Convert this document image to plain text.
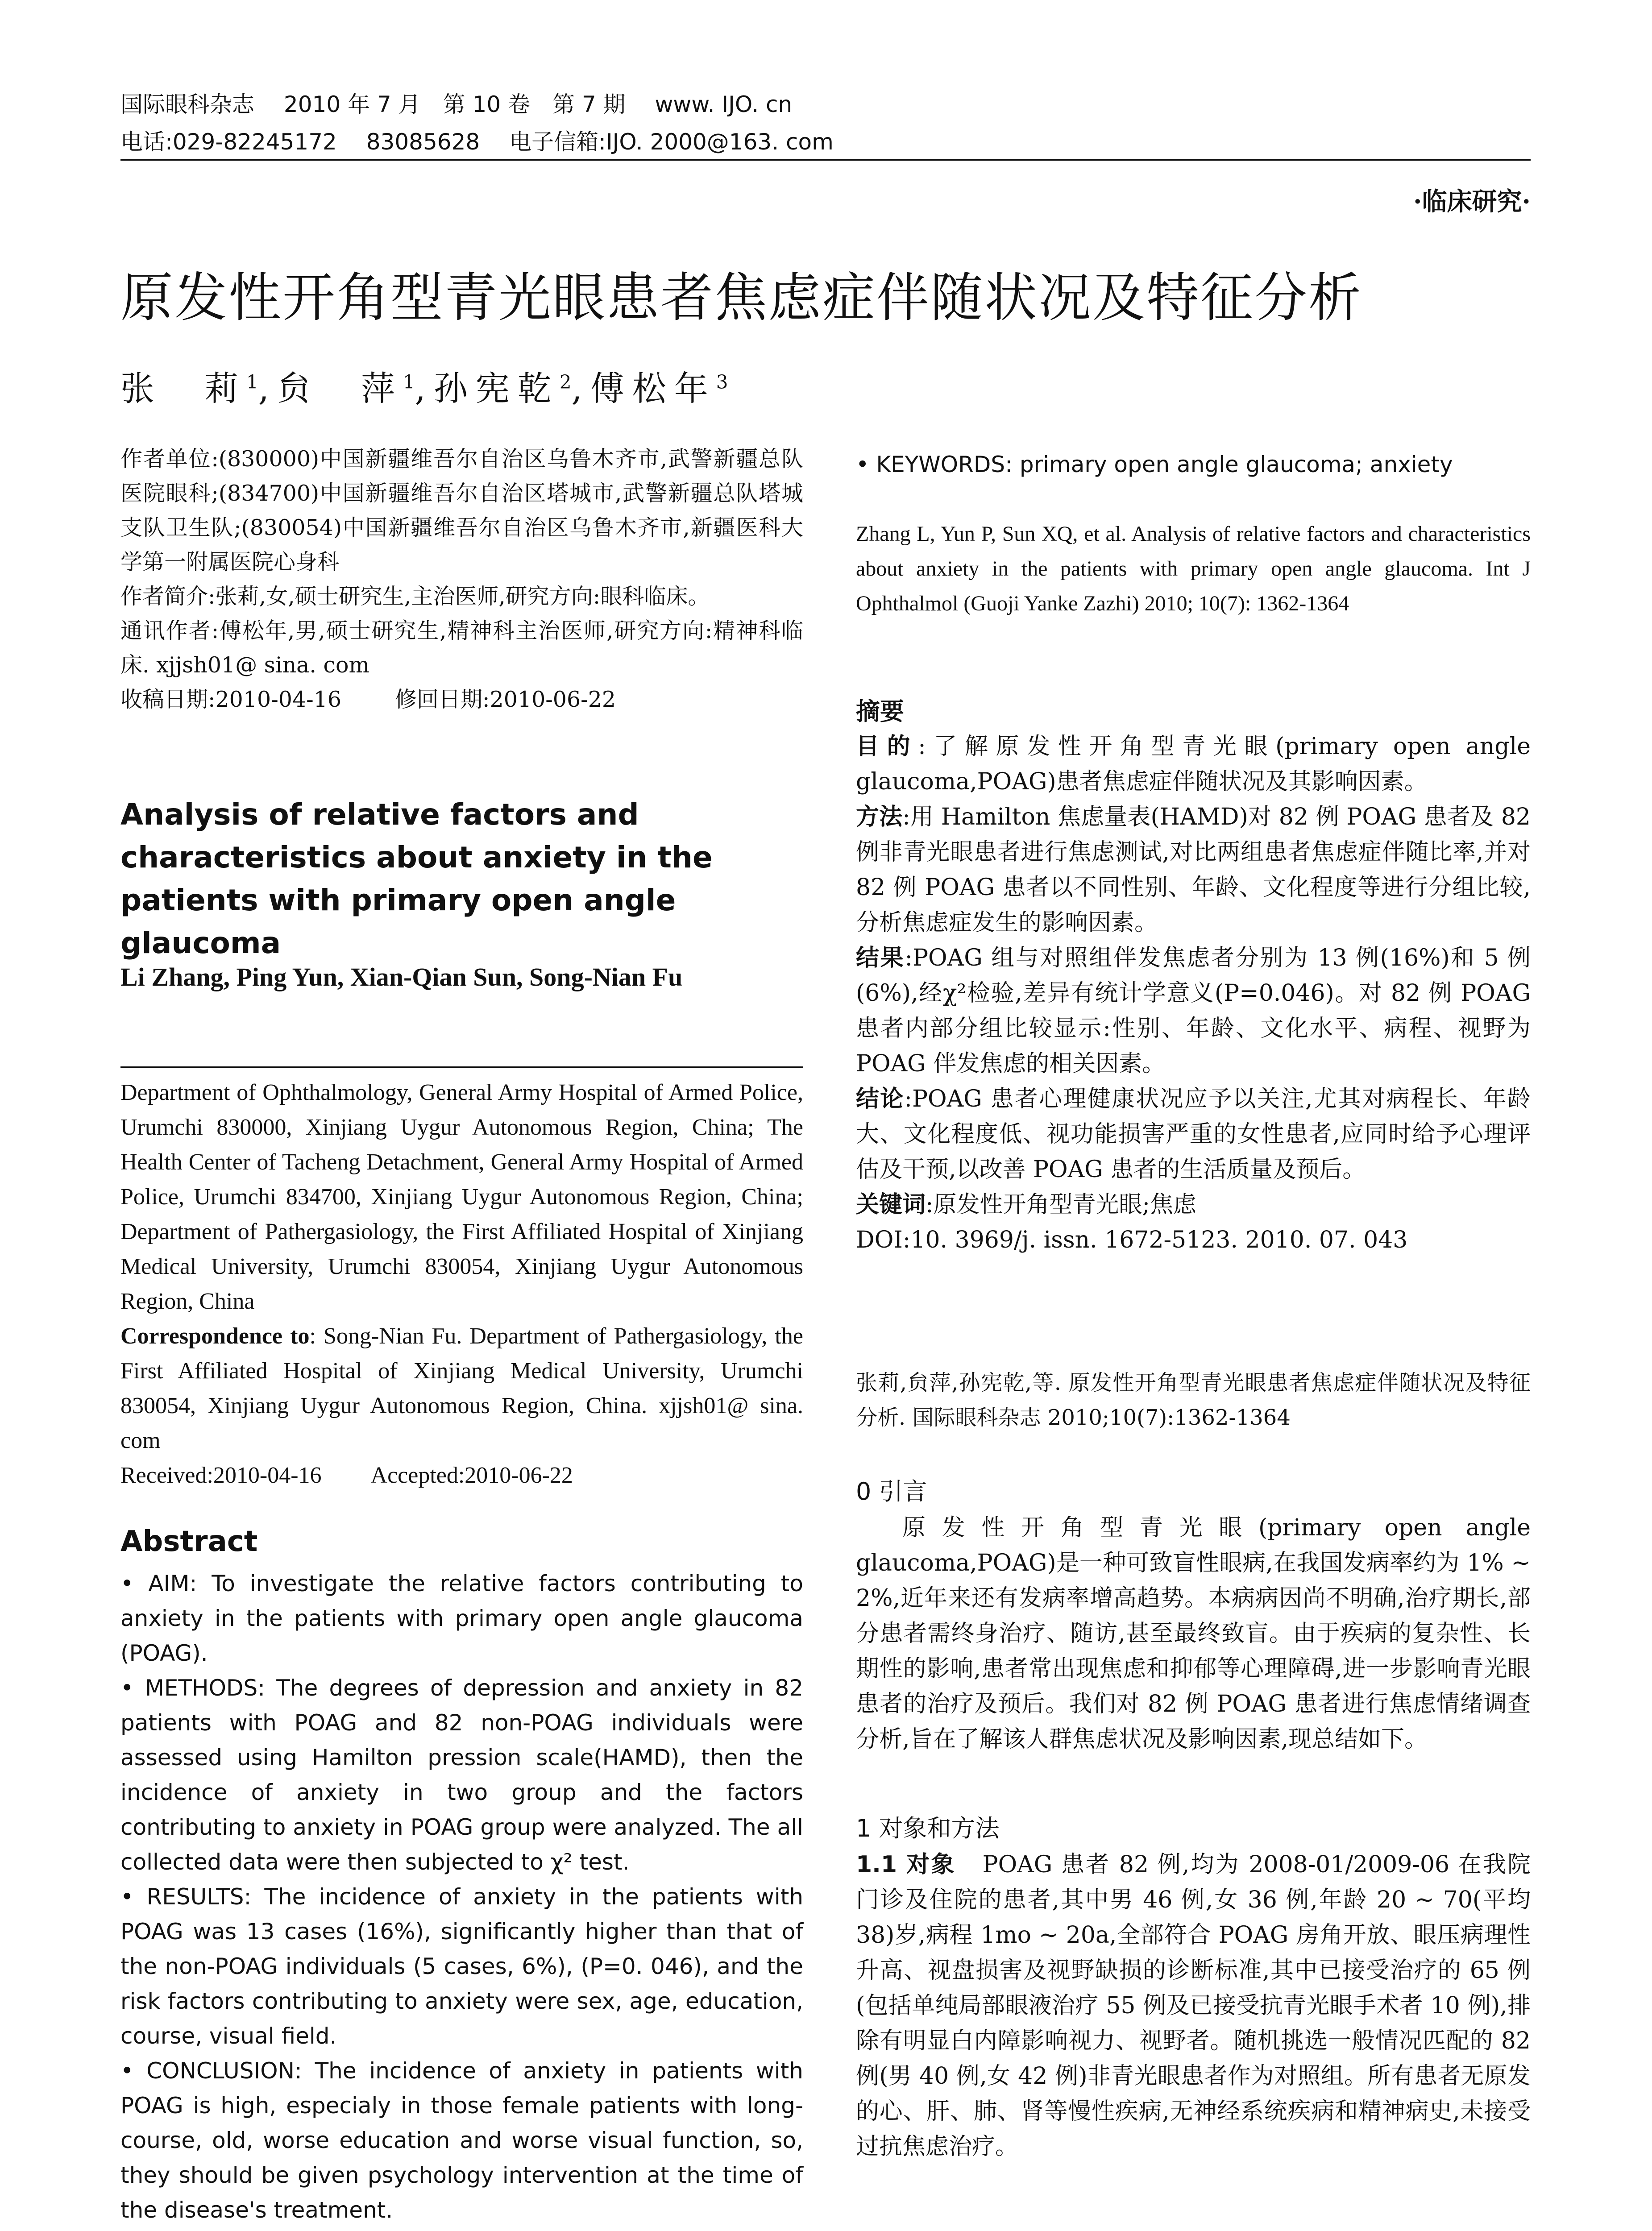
国际眼科杂志　 2010 年 7 月　第 10 卷　第 7 期　 www. IJO. cn
电话:029-82245172　 83085628　 电子信箱:IJO. 2000@163. com
·临床研究·
原发性开角型青光眼患者焦虑症伴随状况及特征分析
张　莉$^1$,贠　萍$^1$,孙宪乾$^2$,傅松年$^3$

作者单位:(830000)中国新疆维吾尔自治区乌鲁木齐市,武警新疆总队医院眼科;(834700)中国新疆维吾尔自治区塔城市,武警新疆总队塔城支队卫生队;(830054)中国新疆维吾尔自治区乌鲁木齐市,新疆医科大学第一附属医院心身科

作者简介:张莉,女,硕士研究生,主治医师,研究方向:眼科临床。

通讯作者:傅松年,男,硕士研究生,精神科主治医师,研究方向:精神科临床. xjjsh01@ sina. com

收稿日期:2010-04-16 修回日期:2010-06-22

Analysis of relative factors and characteristics about anxiety in the patients with primary open angle glaucoma
Li Zhang, Ping Yun, Xian-Qian Sun, Song-Nian Fu

Department of Ophthalmology, General Army Hospital of Armed Police, Urumchi 830000, Xinjiang Uygur Autonomous Region, China; The Health Center of Tacheng Detachment, General Army Hospital of Armed Police, Urumchi 834700, Xinjiang Uygur Autonomous Region, China; Department of Pathergasiology, the First Affiliated Hospital of Xinjiang Medical University, Urumchi 830054, Xinjiang Uygur Autonomous Region, China

Correspondence to: Song-Nian Fu. Department of Pathergasiology, the First Affiliated Hospital of Xinjiang Medical University, Urumchi 830054, Xinjiang Uygur Autonomous Region, China. xjjsh01@ sina. com

Received:2010-04-16 Accepted:2010-06-22

Abstract

• AIM: To investigate the relative factors contributing to anxiety in the patients with primary open angle glaucoma (POAG).

• METHODS: The degrees of depression and anxiety in 82 patients with POAG and 82 non-POAG individuals were assessed using Hamilton pression scale(HAMD), then the incidence of anxiety in two group and the factors contributing to anxiety in POAG group were analyzed. The all collected data were then subjected to χ² test.

• RESULTS: The incidence of anxiety in the patients with POAG was 13 cases (16%), significantly higher than that of the non-POAG individuals (5 cases, 6%), (P=0. 046), and the risk factors contributing to anxiety were sex, age, education, course, visual field.

• CONCLUSION: The incidence of anxiety in patients with POAG is high, especialy in those female patients with long-course, old, worse education and worse visual function, so, they should be given psychology intervention at the time of the disease's treatment.

• KEYWORDS: primary open angle glaucoma; anxiety
Zhang L, Yun P, Sun XQ, et al. Analysis of relative factors and characteristics about anxiety in the patients with primary open angle glaucoma. Int J Ophthalmol (Guoji Yanke Zazhi) 2010; 10(7): 1362-1364

摘要

目的:了解原发性开角型青光眼(primary open angle glaucoma,POAG)患者焦虑症伴随状况及其影响因素。

方法:用 Hamilton 焦虑量表(HAMD)对 82 例 POAG 患者及 82 例非青光眼患者进行焦虑测试,对比两组患者焦虑症伴随比率,并对 82 例 POAG 患者以不同性别、年龄、文化程度等进行分组比较,分析焦虑症发生的影响因素。

结果:POAG 组与对照组伴发焦虑者分别为 13 例(16%)和 5 例(6%),经χ²检验,差异有统计学意义(P=0.046)。对 82 例 POAG 患者内部分组比较显示:性别、年龄、文化水平、病程、视野为 POAG 伴发焦虑的相关因素。

结论:POAG 患者心理健康状况应予以关注,尤其对病程长、年龄大、文化程度低、视功能损害严重的女性患者,应同时给予心理评估及干预,以改善 POAG 患者的生活质量及预后。

关键词:原发性开角型青光眼;焦虑

DOI:10. 3969/j. issn. 1672-5123. 2010. 07. 043

张莉,贠萍,孙宪乾,等. 原发性开角型青光眼患者焦虑症伴随状况及特征分析. 国际眼科杂志 2010;10(7):1362-1364
0 引言
原发性开角型青光眼(primary open angle glaucoma,POAG)是一种可致盲性眼病,在我国发病率约为 1% ~ 2%,近年来还有发病率增高趋势。本病病因尚不明确,治疗期长,部分患者需终身治疗、随访,甚至最终致盲。由于疾病的复杂性、长期性的影响,患者常出现焦虑和抑郁等心理障碍,进一步影响青光眼患者的治疗及预后。我们对 82 例 POAG 患者进行焦虑情绪调查分析,旨在了解该人群焦虑状况及影响因素,现总结如下。
1 对象和方法

1.1 对象 POAG 患者 82 例,均为 2008-01/2009-06 在我院门诊及住院的患者,其中男 46 例,女 36 例,年龄 20 ~ 70(平均 38)岁,病程 1mo ~ 20a,全部符合 POAG 房角开放、眼压病理性升高、视盘损害及视野缺损的诊断标准,其中已接受治疗的 65 例(包括单纯局部眼液治疗 55 例及已接受抗青光眼手术者 10 例),排除有明显白内障影响视力、视野者。随机挑选一般情况匹配的 82 例(男 40 例,女 42 例)非青光眼患者作为对照组。所有患者无原发的心、肝、肺、肾等慢性疾病,无神经系统疾病和精神病史,未接受过抗焦虑治疗。
